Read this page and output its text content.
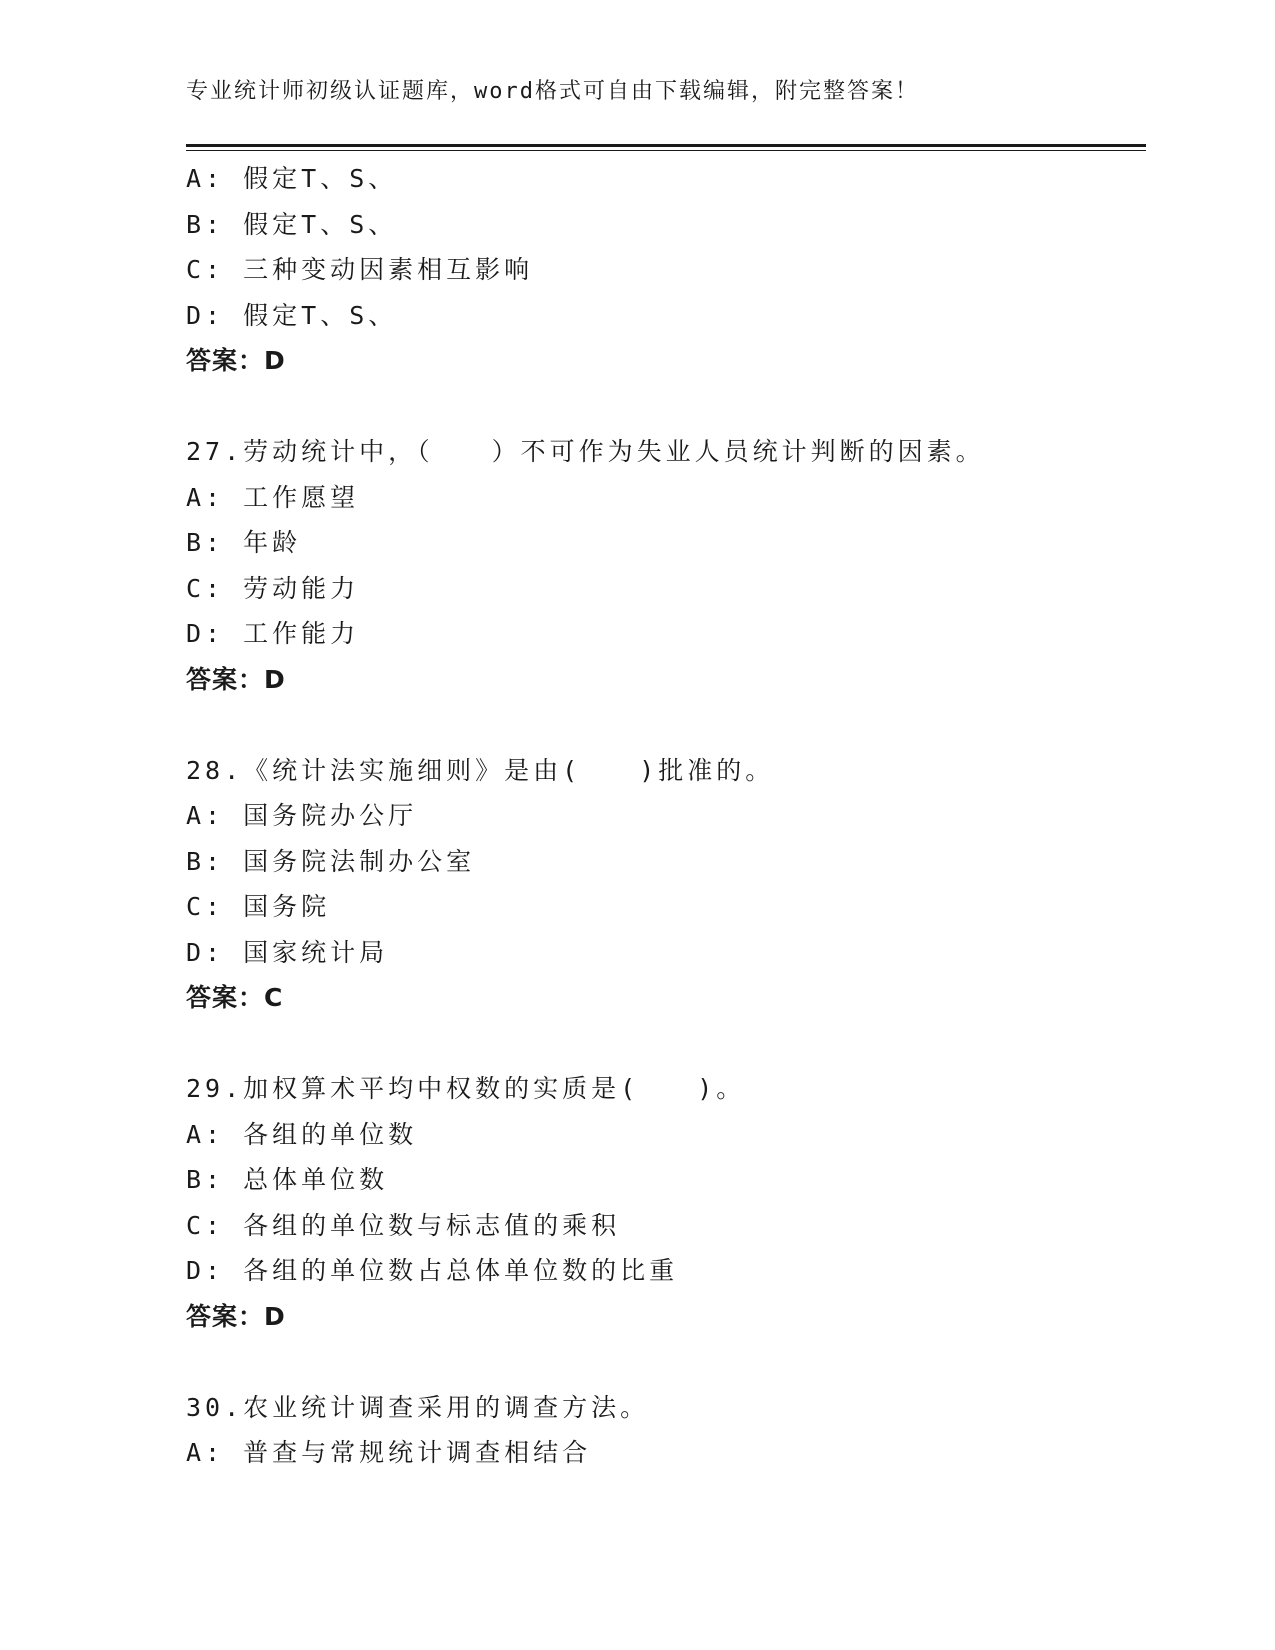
专业统计师初级认证题库，word格式可自由下载编辑，附完整答案！
A: 假定T、S、
B: 假定T、S、
C: 三种变动因素相互影响
D: 假定T、S、
答案：D
27.劳动统计中，（　　）不可作为失业人员统计判断的因素。
A: 工作愿望
B: 年龄
C: 劳动能力
D: 工作能力
答案：D
28.《统计法实施细则》是由(　　)批准的。
A: 国务院办公厅
B: 国务院法制办公室
C: 国务院
D: 国家统计局
答案：C
29.加权算术平均中权数的实质是(　　)。
A: 各组的单位数
B: 总体单位数
C: 各组的单位数与标志值的乘积
D: 各组的单位数占总体单位数的比重
答案：D
30.农业统计调查采用的调查方法。
A: 普查与常规统计调查相结合
